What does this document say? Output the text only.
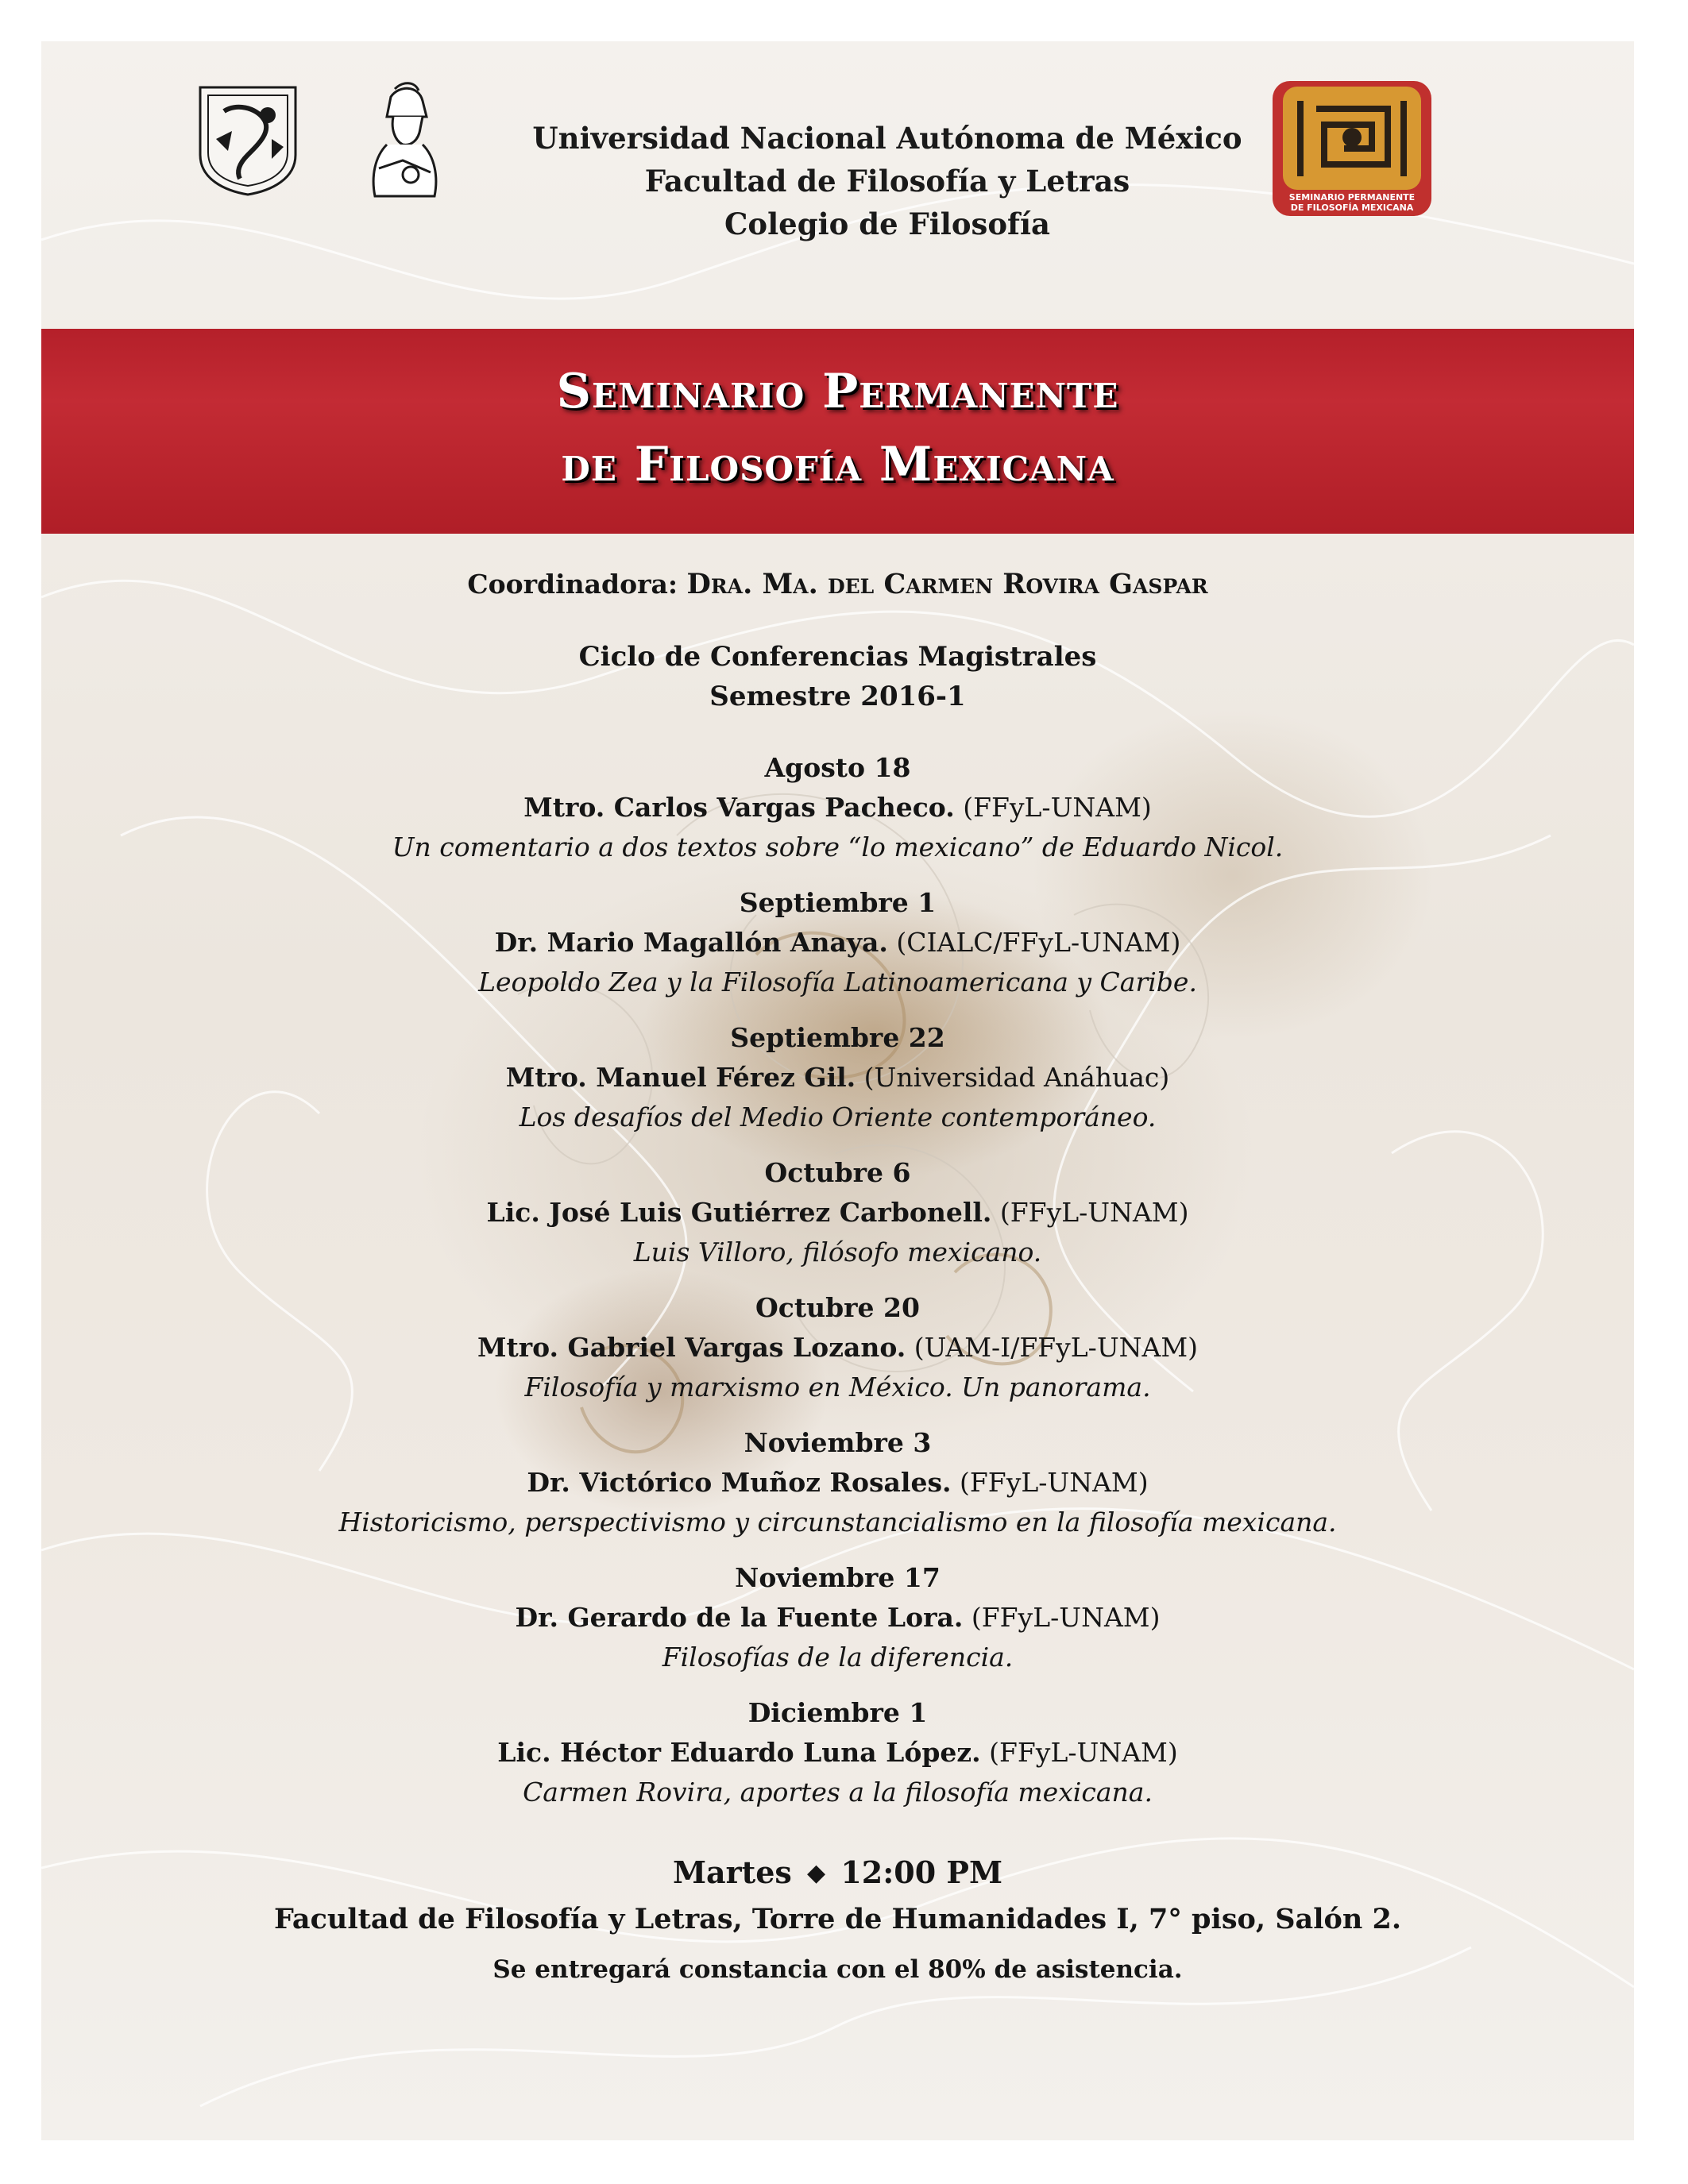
SEMINARIO PERMANENTE
DE FILOSOFÍA MEXICANA
Universidad Nacional Autónoma de México
Facultad de Filosofía y Letras
Colegio de Filosofía
Seminario Permanente
de Filosofía Mexicana
Coordinadora: Dra. Ma. del Carmen Rovira Gaspar
Ciclo de Conferencias Magistrales
Semestre 2016-1
Agosto 18
Mtro. Carlos Vargas Pacheco. (FFyL-UNAM)
Un comentario a dos textos sobre “lo mexicano” de Eduardo Nicol.
Septiembre 1
Dr. Mario Magallón Anaya. (CIALC/FFyL-UNAM)
Leopoldo Zea y la Filosofía Latinoamericana y Caribe.
Septiembre 22
Mtro. Manuel Férez Gil. (Universidad Anáhuac)
Los desafíos del Medio Oriente contemporáneo.
Octubre 6
Lic. José Luis Gutiérrez Carbonell. (FFyL-UNAM)
Luis Villoro, filósofo mexicano.
Octubre 20
Mtro. Gabriel Vargas Lozano. (UAM-I/FFyL-UNAM)
Filosofía y marxismo en México. Un panorama.
Noviembre 3
Dr. Victórico Muñoz Rosales. (FFyL-UNAM)
Historicismo, perspectivismo y circunstancialismo en la filosofía mexicana.
Noviembre 17
Dr. Gerardo de la Fuente Lora. (FFyL-UNAM)
Filosofías de la diferencia.
Diciembre 1
Lic. Héctor Eduardo Luna López. (FFyL-UNAM)
Carmen Rovira, aportes a la filosofía mexicana.
Martes ◆ 12:00 PM
Facultad de Filosofía y Letras, Torre de Humanidades I, 7° piso, Salón 2.
Se entregará constancia con el 80% de asistencia.
